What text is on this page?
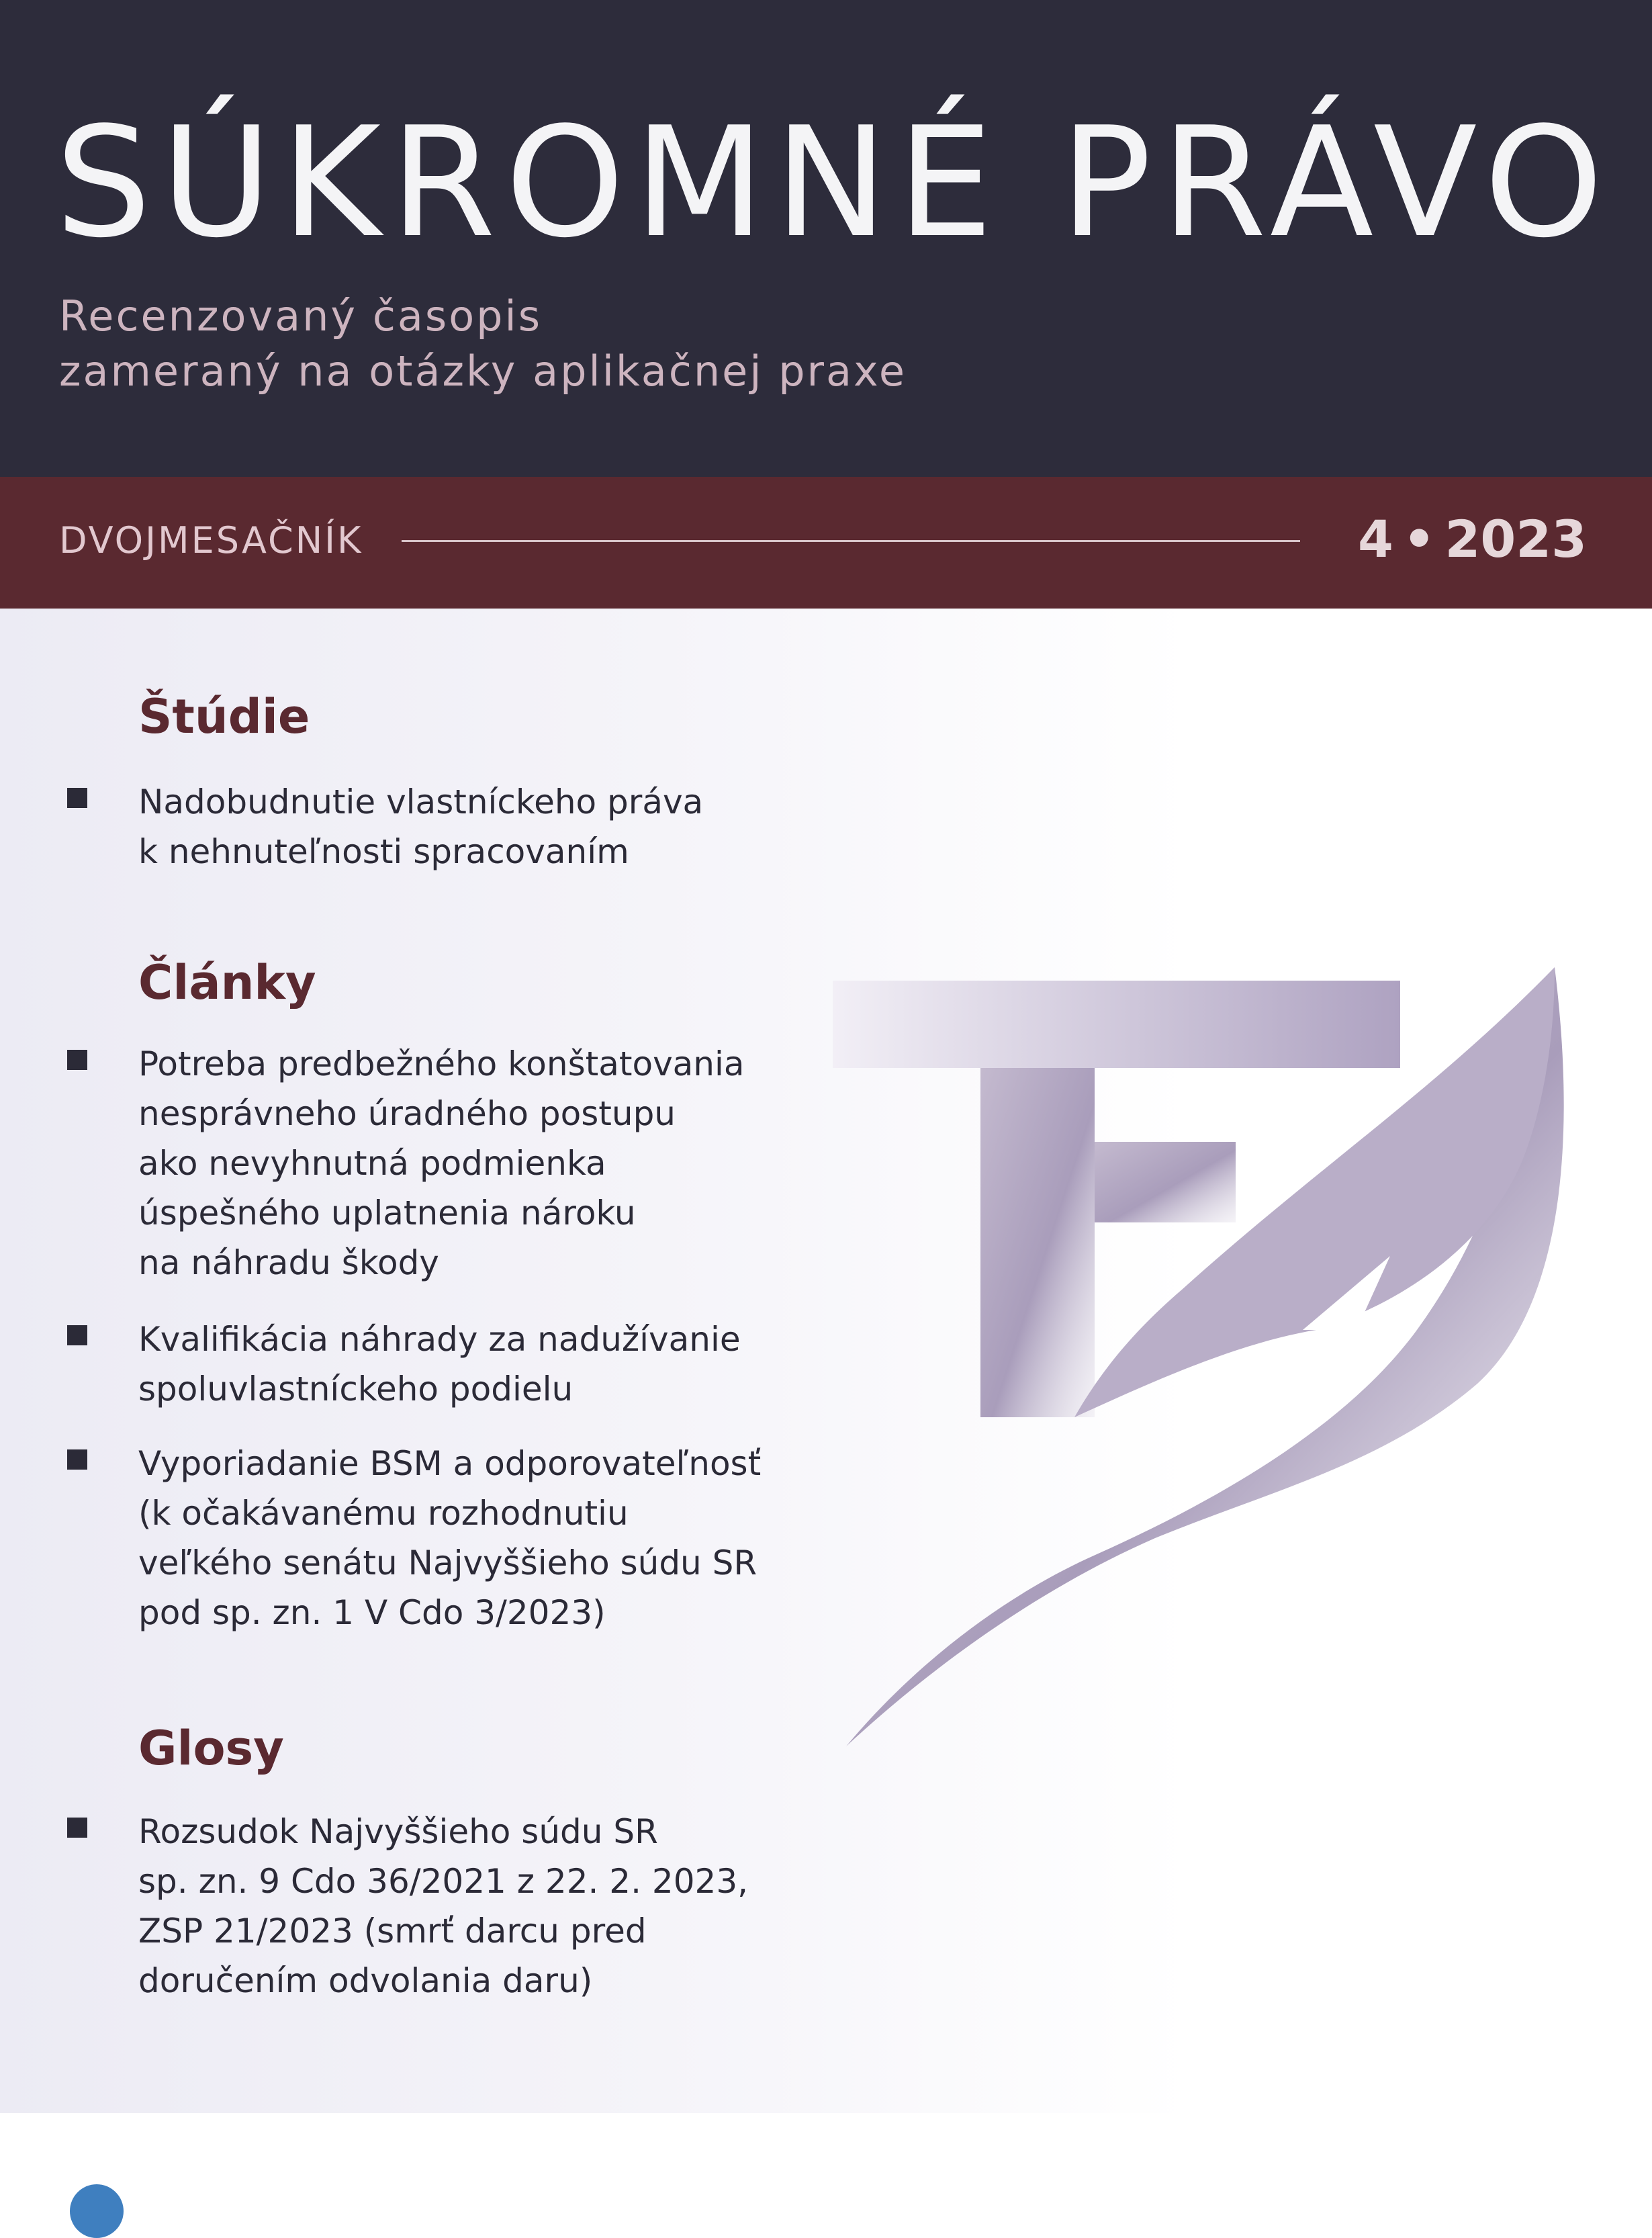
SÚKROMNÉ PRÁVO
Recenzovaný časopis
zameraný na otázky aplikačnej praxe
DVOJMESAČNÍK	4 • 2023
Štúdie
Nadobudnutie vlastníckeho práva
k nehnuteľnosti spracovaním
Články
Potreba predbežného konštatovania
nesprávneho úradného postupu
ako nevyhnutná podmienka
úspešného uplatnenia nároku
na náhradu škody
Kvalifikácia náhrady za nadužívanie
spoluvlastníckeho podielu
Vyporiadanie BSM a odporovateľnosť
(k očakávanému rozhodnutiu
veľkého senátu Najvyššieho súdu SR
pod sp. zn. 1 V Cdo 3/2023)
Glosy
Rozsudok Najvyššieho súdu SR
sp. zn. 9 Cdo 36/2021 z 22. 2. 2023,
ZSP 21/2023 (smrť darcu pred
doručením odvolania daru)
